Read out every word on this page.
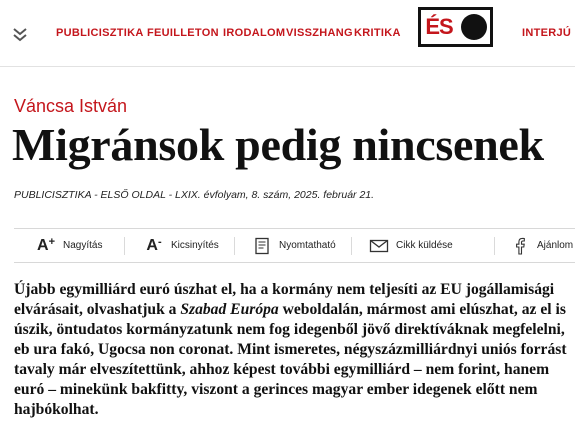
PUBLICISZTIKA FEUILLETON IRODALOM VISSZHANG KRITIKA ÉS	INTERJÚ
Váncsa István
Migránsok pedig nincsenek
PUBLICISZTIKA - ELSŐ OLDAL - LXIX. évfolyam, 8. szám, 2025. február 21.
A + Nagyítás	A - Kicsinyítés	Nyomtatható	Cikk küldése	Ajánlom

Újabb egymilliárd euró úszhat el, ha a kormány nem teljesíti az EU jogállamisági elvárásait, olvashatjuk a Szabad Európa weboldalán, mármost ami elúszhat, az el is úszik, öntudatos kormányzatunk nem fog idegenből jövő direktíváknak megfelelni, eb ura fakó, Ugocsa non coronat. Mint ismeretes, négyszázmilliárdnyi uniós forrást tavaly már elveszítettünk, ahhoz képest további egymilliárd – nem forint, hanem euró – minekünk bakfitty, viszont a gerinces magyar ember idegenek előtt nem hajbókolhat.
